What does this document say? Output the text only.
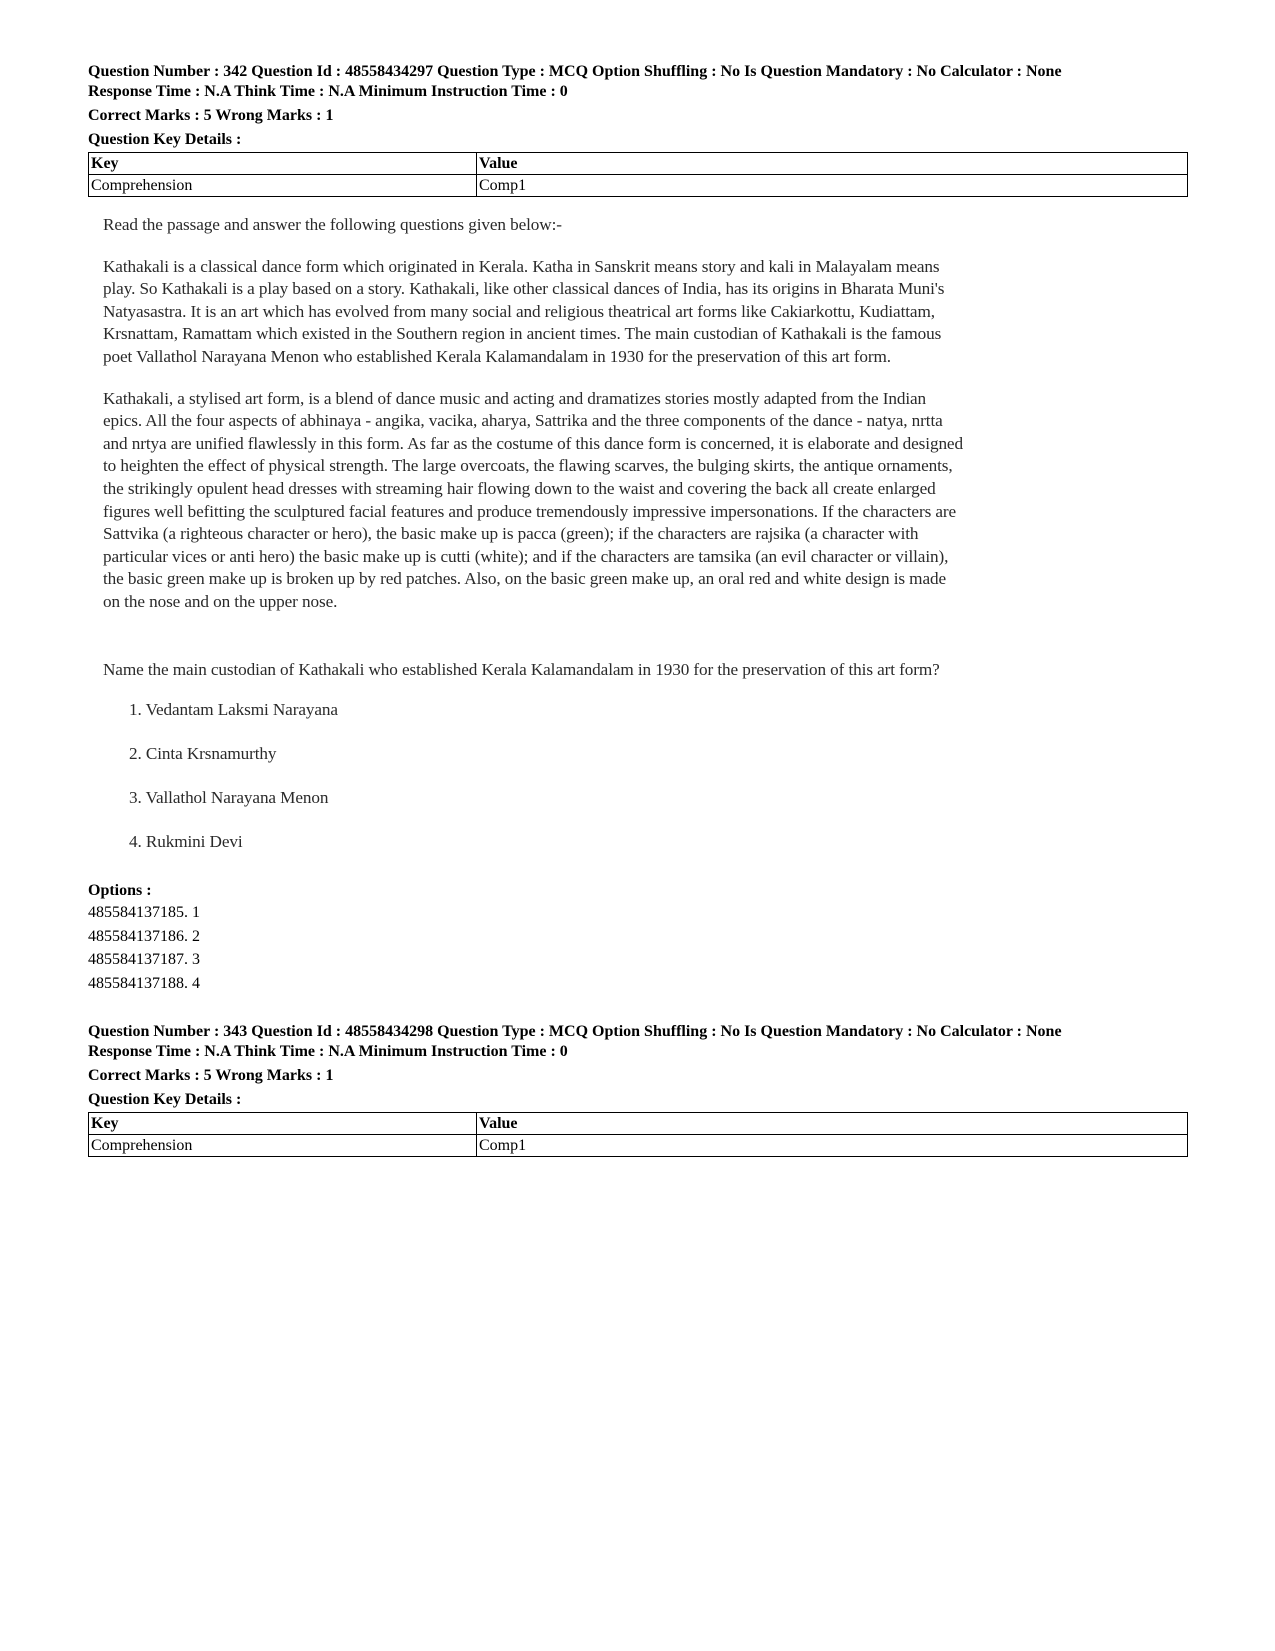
Question Number : 342 Question Id : 48558434297 Question Type : MCQ Option Shuffling : No Is Question Mandatory : No Calculator : None

Response Time : N.A Think Time : N.A Minimum Instruction Time : 0

Correct Marks : 5 Wrong Marks : 1

Question Key Details :

Key	Value
Comprehension	Comp1

Read the passage and answer the following questions given below:-

Kathakali is a classical dance form which originated in Kerala. Katha in Sanskrit means story and kali in Malayalam means play. So Kathakali is a play based on a story. Kathakali, like other classical dances of India, has its origins in Bharata Muni's Natyasastra. It is an art which has evolved from many social and religious theatrical art forms like Cakiarkottu, Kudiattam, Krsnattam, Ramattam which existed in the Southern region in ancient times. The main custodian of Kathakali is the famous poet Vallathol Narayana Menon who established Kerala Kalamandalam in 1930 for the preservation of this art form.

Kathakali, a stylised art form, is a blend of dance music and acting and dramatizes stories mostly adapted from the Indian epics. All the four aspects of abhinaya - angika, vacika, aharya, Sattrika and the three components of the dance - natya, nrtta and nrtya are unified flawlessly in this form. As far as the costume of this dance form is concerned, it is elaborate and designed to heighten the effect of physical strength. The large overcoats, the flawing scarves, the bulging skirts, the antique ornaments, the strikingly opulent head dresses with streaming hair flowing down to the waist and covering the back all create enlarged figures well befitting the sculptured facial features and produce tremendously impressive impersonations. If the characters are Sattvika (a righteous character or hero), the basic make up is pacca (green); if the characters are rajsika (a character with particular vices or anti hero) the basic make up is cutti (white); and if the characters are tamsika (an evil character or villain), the basic green make up is broken up by red patches. Also, on the basic green make up, an oral red and white design is made on the nose and on the upper nose.

Name the main custodian of Kathakali who established Kerala Kalamandalam in 1930 for the preservation of this art form?

1. Vedantam Laksmi Narayana
2. Cinta Krsnamurthy
3. Vallathol Narayana Menon
4. Rukmini Devi
Options :

485584137185. 1

485584137186. 2

485584137187. 3

485584137188. 4

Question Number : 343 Question Id : 48558434298 Question Type : MCQ Option Shuffling : No Is Question Mandatory : No Calculator : None

Response Time : N.A Think Time : N.A Minimum Instruction Time : 0

Correct Marks : 5 Wrong Marks : 1

Question Key Details :

Key	Value
Comprehension	Comp1
